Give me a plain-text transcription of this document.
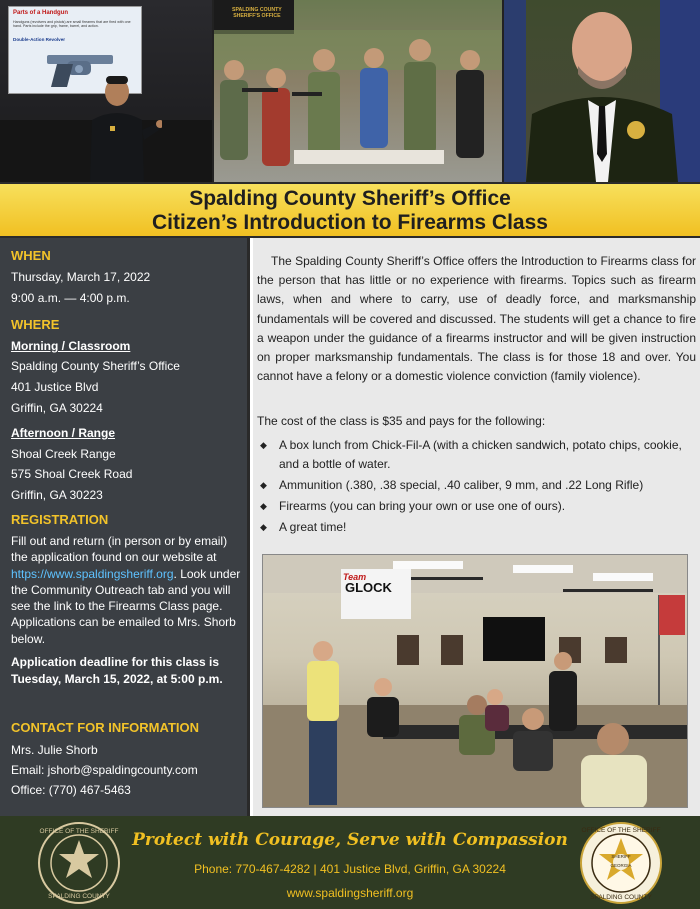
Parts of a Handgun
Handguns (revolvers and pistols) are small firearms that are fired with one hand. Parts include the grip, frame, barrel, and action.
Double-Action Revolver
SPALDING COUNTY
SHERIFF'S OFFICE
Spalding County Sheriff’s Office
Citizen’s Introduction to Firearms Class
WHEN
Thursday, March 17, 2022
9:00 a.m. — 4:00 p.m.
WHERE
Morning / Classroom
Spalding County Sheriff’s Office
401 Justice Blvd
Griffin, GA 30224
Afternoon / Range
Shoal Creek Range
575 Shoal Creek Road
Griffin, GA 30223
REGISTRATION
Fill out and return (in person or by email) the application found on our website at https://www.spaldingsheriff.org. Look under the Community Outreach tab and you will see the link to the Firearms Class page. Applications can be emailed to Mrs. Shorb below.
Application deadline for this class is Tuesday, March 15, 2022, at 5:00 p.m.
CONTACT FOR INFORMATION
Mrs. Julie Shorb
Email: jshorb@spaldingcounty.com
Office: (770) 467-5463

The Spalding County Sheriff’s Office offers the Introduction to Firearms class for the person that has little or no experience with firearms. Topics such as firearm laws, when and where to carry, use of deadly force, and marksmanship fundamentals will be covered and discussed. The students will get a chance to fire a weapon under the guidance of a firearms instructor and will be given instruction on proper marksmanship fundamentals. The class is for those 18 and over. You cannot have a felony or a domestic violence conviction (family violence).

The cost of the class is $35 and pays for the following:
◆ A box lunch from Chick-Fil-A (with a chicken sandwich, potato chips, cookie, and a bottle of water.
◆ Ammunition (.380, .38 special, .40 caliber, 9 mm, and .22 Long Rifle)
◆ Firearms (you can bring your own or use one of ours).
◆ A great time!
Team
GLOCK
OFFICE OF THE SHERIFF
SPALDING COUNTY
Protect with Courage, Serve with Compassion
Phone: 770-467-4282 | 401 Justice Blvd, Griffin, GA 30224
www.spaldingsheriff.org
OFFICE OF THE SHERIFF
SHERIFF
GEORGIA
SPALDING COUNTY
